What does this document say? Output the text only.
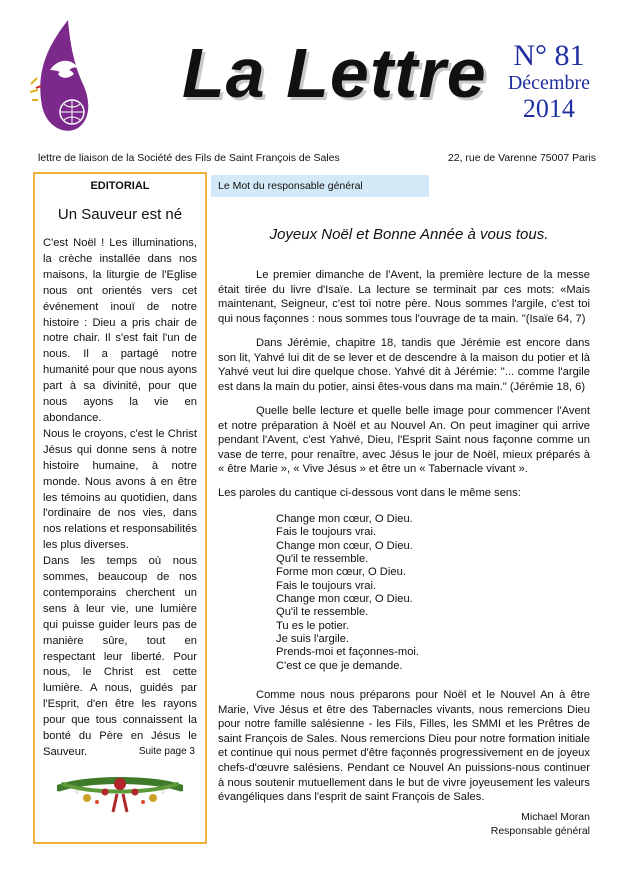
La Lettre N° 81
Décembre
2014
lettre de liaison de la Société des Fils de Saint François de Sales	22, rue de Varenne 75007 Paris
EDITORIAL
Un Sauveur est né

C'est Noël ! Les illuminations, la crèche installée dans nos maisons, la liturgie de l'Eglise nous ont orientés vers cet événement inouï de notre histoire : Dieu a pris chair de notre chair. Il s'est fait l'un de nous. Il a partagé notre humanité pour que nous ayons part à sa divinité, pour que nous ayons la vie en abondance.

Nous le croyons, c'est le Christ Jésus qui donne sens à notre histoire humaine, à notre monde. Nous avons à en être les témoins au quotidien, dans l'ordinaire de nos vies, dans nos relations et responsabilités les plus diverses.

Dans les temps où nous sommes, beaucoup de nos contemporains cherchent un sens à leur vie, une lumière qui puisse guider leurs pas de manière sûre, tout en respectant leur liberté. Pour nous, le Christ est cette lumière. A nous, guidés par l'Esprit, d'en être les rayons pour que tous connaissent la bonté du Père en Jésus le Sauveur.	Suite page 3
Le Mot du responsable général
Joyeux Noël et Bonne Année à vous tous.

Le premier dimanche de l'Avent, la première lecture de la messe était tirée du livre d'Isaïe. La lecture se terminait par ces mots: «Mais maintenant, Seigneur, c'est toi notre père. Nous sommes l'argile, c'est toi qui nous façonnes : nous sommes tous l'ouvrage de ta main. "(Isaïe 64, 7)

Dans Jérémie, chapitre 18, tandis que Jérémie est encore dans son lit, Yahvé lui dit de se lever et de descendre à la maison du potier et là Yahvé veut lui dire quelque chose. Yahvé dit à Jérémie: "... comme l'argile est dans la main du potier, ainsi êtes-vous dans ma main." (Jérémie 18, 6)

Quelle belle lecture et quelle belle image pour commencer l'Avent et notre préparation à Noël et au Nouvel An. On peut imaginer qui arrive pendant l'Avent, c'est Yahvé, Dieu, l'Esprit Saint nous façonne comme un vase de terre, pour renaître, avec Jésus le jour de Noël, mieux préparés à « être Marie », « Vive Jésus » et être un « Tabernacle vivant ».

Les paroles du cantique ci-dessous vont dans le même sens:

Change mon cœur, O Dieu.
Fais le toujours vrai.
Change mon cœur, O Dieu.
Qu'il te ressemble.
Forme mon cœur, O Dieu.
Fais le toujours vrai.
Change mon cœur, O Dieu.
Qu'il te ressemble.
Tu es le potier.
Je suis l'argile.
Prends-moi et façonnes-moi.
C'est ce que je demande.

Comme nous nous préparons pour Noël et le Nouvel An à être Marie, Vive Jésus et être des Tabernacles vivants, nous remercions Dieu pour notre famille salésienne - les Fils, Filles, les SMMI et les Prêtres de saint François de Sales. Nous remercions Dieu pour notre formation initiale et continue qui nous permet d'être façonnés progressivement en de joyeux chefs-d'œuvre salésiens. Pendant ce Nouvel An puissions-nous continuer à nous soutenir mutuellement dans le but de vivre joyeusement les valeurs évangéliques dans l'esprit de saint François de Sales.

Michael Moran
Responsable général
